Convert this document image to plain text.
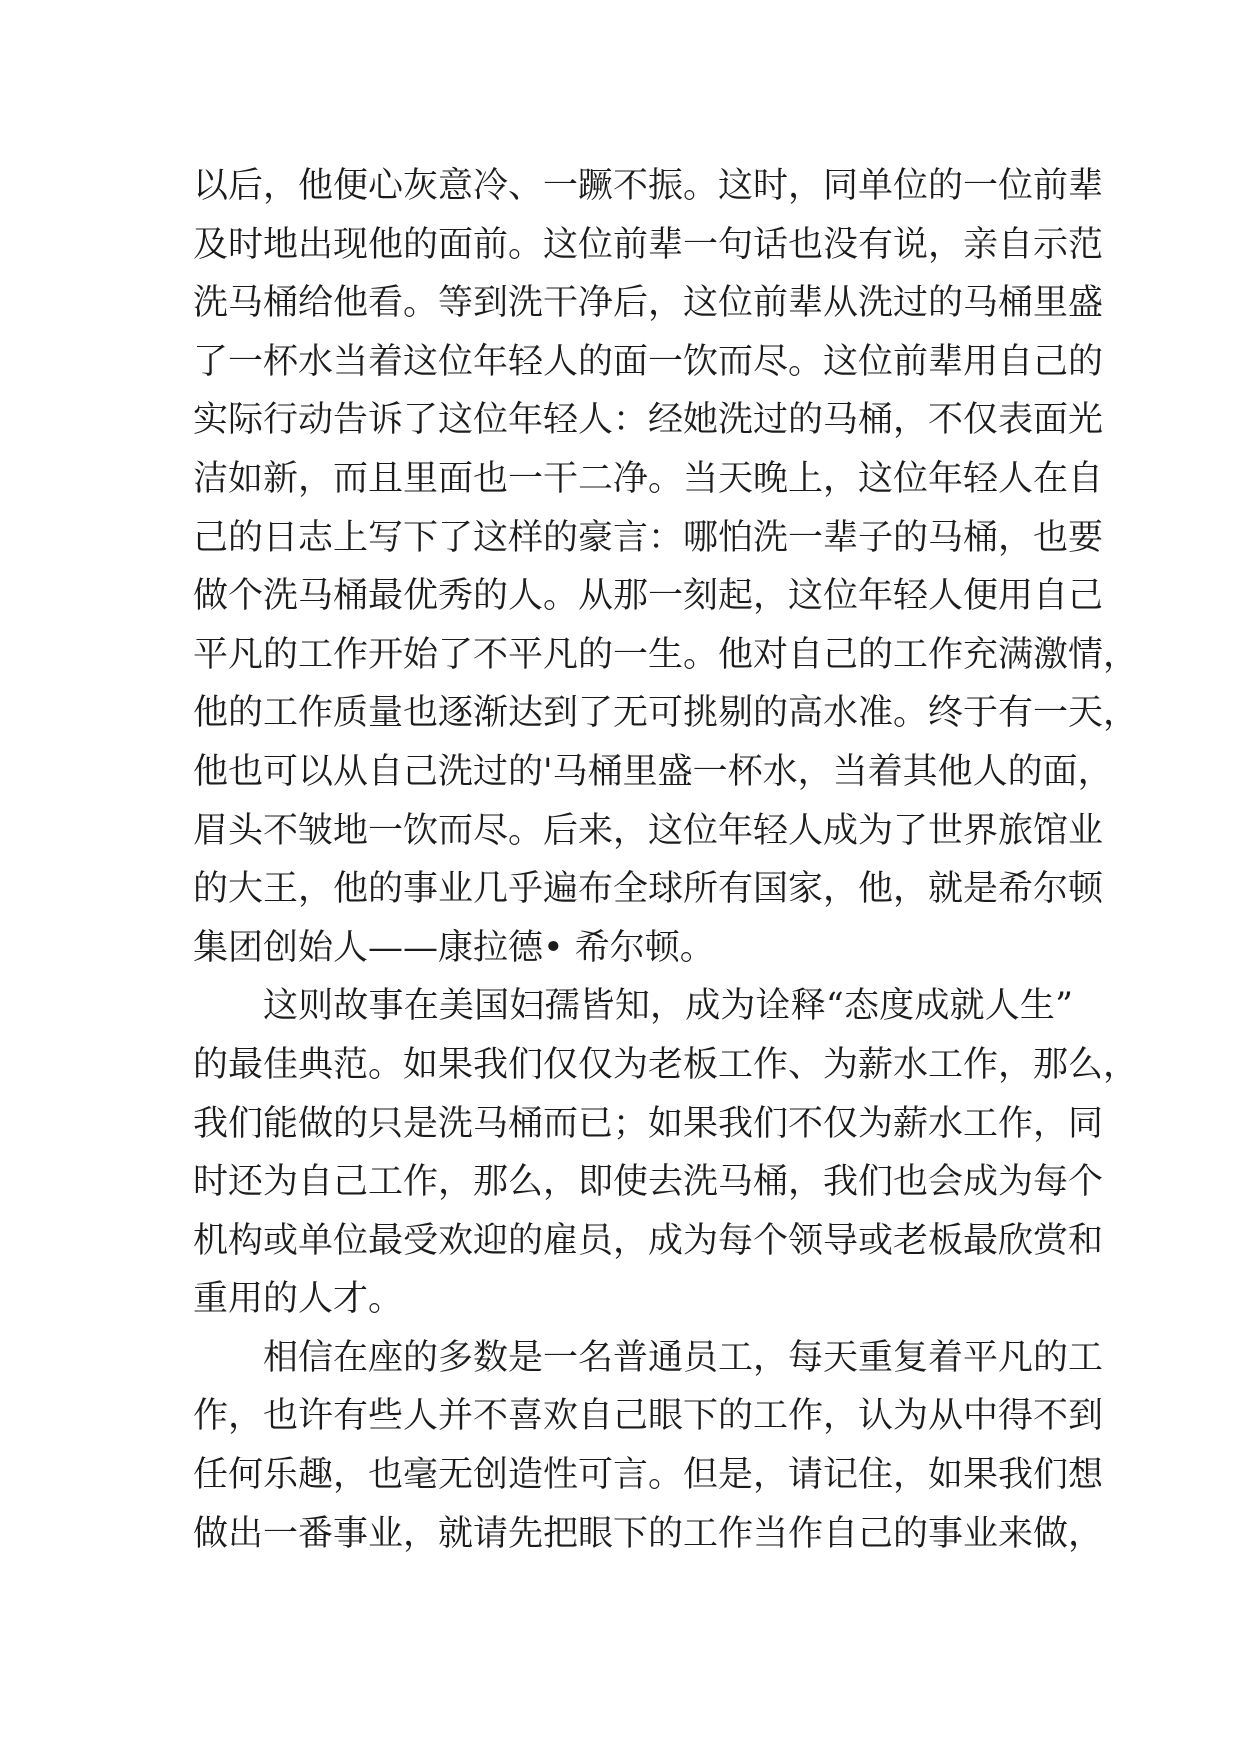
以后，他便心灰意冷、一蹶不振。这时，同单位的一位前辈
及时地出现他的面前。这位前辈一句话也没有说，亲自示范
洗马桶给他看。等到洗干净后，这位前辈从洗过的马桶里盛
了一杯水当着这位年轻人的面一饮而尽。这位前辈用自己的
实际行动告诉了这位年轻人：经她洗过的马桶，不仅表面光
洁如新，而且里面也一干二净。当天晚上，这位年轻人在自
己的日志上写下了这样的豪言：哪怕洗一辈子的马桶，也要
做个洗马桶最优秀的人。从那一刻起，这位年轻人便用自己
平凡的工作开始了不平凡的一生。他对自己的工作充满激情，
他的工作质量也逐渐达到了无可挑剔的高水准。终于有一天，
他也可以从自己洗过的'马桶里盛一杯水，当着其他人的面，
眉头不皱地一饮而尽。后来，这位年轻人成为了世界旅馆业
的大王，他的事业几乎遍布全球所有国家，他，就是希尔顿
集团创始人——康拉德• 希尔顿。
这则故事在美国妇孺皆知，成为诠释“态度成就人生”
的最佳典范。如果我们仅仅为老板工作、为薪水工作，那么，
我们能做的只是洗马桶而已；如果我们不仅为薪水工作，同
时还为自己工作，那么，即使去洗马桶，我们也会成为每个
机构或单位最受欢迎的雇员，成为每个领导或老板最欣赏和
重用的人才。
相信在座的多数是一名普通员工，每天重复着平凡的工
作，也许有些人并不喜欢自己眼下的工作，认为从中得不到
任何乐趣，也毫无创造性可言。但是，请记住，如果我们想
做出一番事业，就请先把眼下的工作当作自己的事业来做，
